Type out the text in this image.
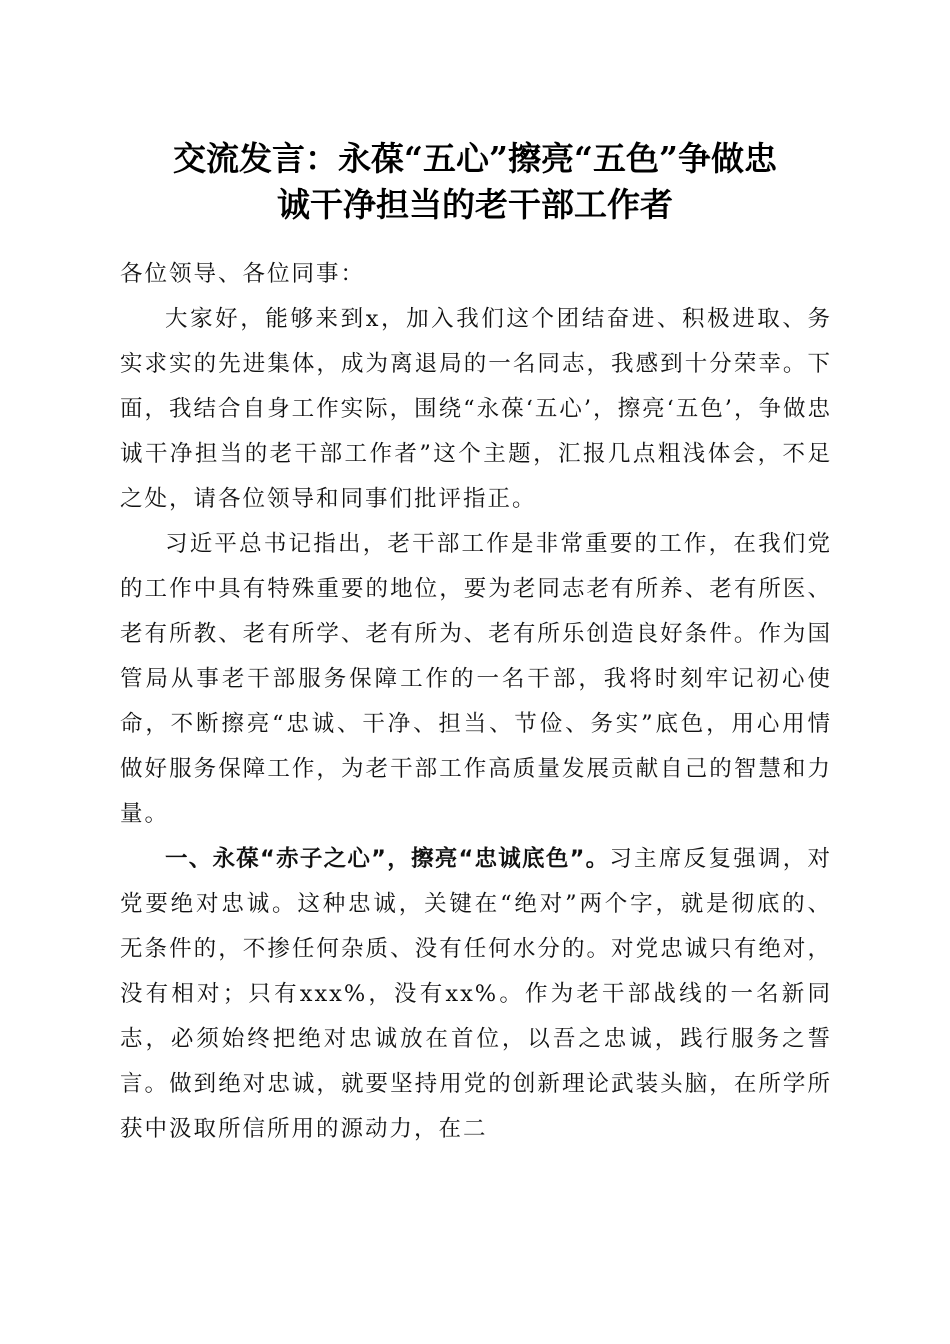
交流发言：永葆“五心”擦亮“五色”争做忠
诚干净担当的老干部工作者

各位领导、各位同事：

大家好，能够来到x，加入我们这个团结奋进、积极进取、务实求实的先进集体，成为离退局的一名同志，我感到十分荣幸。下面，我结合自身工作实际，围绕“永葆‘五心’，擦亮‘五色’，争做忠诚干净担当的老干部工作者”这个主题，汇报几点粗浅体会，不足之处，请各位领导和同事们批评指正。

习近平总书记指出，老干部工作是非常重要的工作，在我们党的工作中具有特殊重要的地位，要为老同志老有所养、老有所医、老有所教、老有所学、老有所为、老有所乐创造良好条件。作为国管局从事老干部服务保障工作的一名干部，我将时刻牢记初心使命，不断擦亮“忠诚、干净、担当、节俭、务实”底色，用心用情做好服务保障工作，为老干部工作高质量发展贡献自己的智慧和力量。

一、永葆“赤子之心”，擦亮“忠诚底色”。习主席反复强调，对党要绝对忠诚。这种忠诚，关键在“绝对”两个字，就是彻底的、无条件的，不掺任何杂质、没有任何水分的。对党忠诚只有绝对，没有相对；只有xxx%，没有xx%。作为老干部战线的一名新同志，必须始终把绝对忠诚放在首位，以吾之忠诚，践行服务之誓言。做到绝对忠诚，就要坚持用党的创新理论武装头脑，在所学所获中汲取所信所用的源动力，在二
